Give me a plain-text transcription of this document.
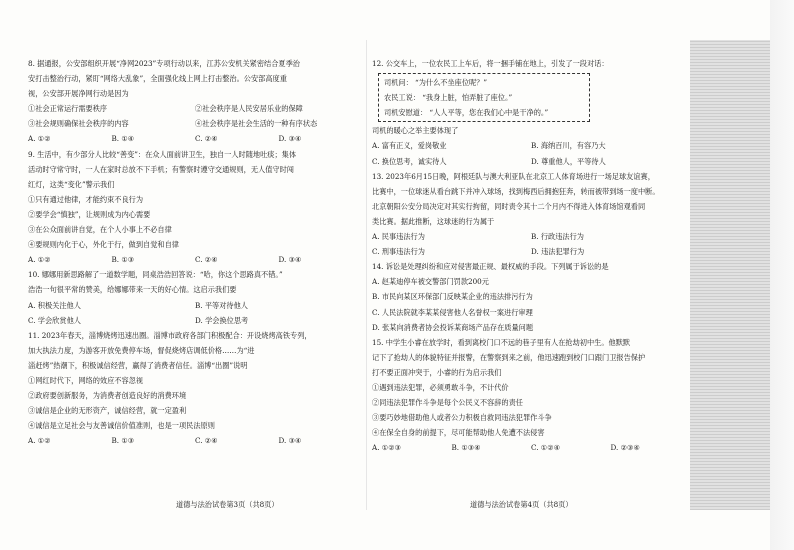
8. 据通报，公安部组织开展“净网2023”专项行动以来，江苏公安机关紧密结合夏季治
安打击整治行动，紧盯“网络大乱象”，全面强化线上网上打击整治。公安部高度重
视，公安部开展净网行动是因为
①社会正常运行需要秩序	②社会秩序是人民安居乐业的保障
③社会规则确保社会秩序的内容	④社会秩序是社会生活的一种有序状态
A. ①②	B. ①④	C. ②④	D. ③④
9. 生活中，有少部分人比较“善变”：在众人面前讲卫生，独自一人时随地吐痰；集体
活动时守常守时，一人在家时总放不下手机；有警察时遵守交通规则，无人值守时闯
红灯，这类“变化”警示我们
①只有通过他律，才能约束不良行为
②要学会“慎独”，让规则成为内心需要
③在公众面前讲自觉，在个人小事上不必自律
④要规则内化于心，外化于行，做到自觉和自律
A. ①②	B. ①③	C. ②④	D. ③④
10. 娜娜用新思路解了一道数学题，同桌浩浩回答说：“哈，你这个思路真不错。”
浩浩一句很平常的赞美，给娜娜带来一天的好心情。这启示我们要
A. 积极关注他人	B. 平等对待他人
C. 学会欣赏他人	D. 学会换位思考
11. 2023年春天，淄博烧烤迅速出圈。淄博市政府各部门积极配合：开设烧烤高铁专列，
加大执法力度，为游客开放免费停车场，督促烧烤店调低价格……为“进
淄赶烤”热潮下，积极诚信经营，赢得了消费者信任。淄博“出圈”说明
①网红时代下，网络的效应不容忽视
②政府要创新服务，为消费者创造良好的消费环境
③诚信是企业的无形资产，诚信经营，就一定盈利
④诚信是立足社会与友善诚信价值准则，也是一项民法原则
A. ①②	B. ①③	C. ②④	D. ③④
道德与法治试卷第3页（共8页）
12. 公交车上，一位农民工上车后，将一捆手铺在地上，引发了一段对话：
司机问： “为什么不坐座位呢？”
农民工说： “我身上脏，怕弄脏了座位。”
司机安慰道： “人人平等，您在我们心中是干净的。”
司机的暖心之举主要体现了
A. 富有正义，爱岗敬业	B. 海纳百川，有容乃大
C. 换位思考，诚实待人	D. 尊重他人，平等待人
13. 2023年6月15日晚，阿根廷队与澳大利亚队在北京工人体育场进行一场足球友谊赛，
比赛中，一位球迷从看台跳下并冲入球场，找到梅西后拥抱狂奔，转而被带到场一度中断。
北京朝阳公安分局决定对其实行拘留，同时责令其十二个月内不得进入体育场馆观看同
类比赛。据此推断，这球迷的行为属于
A. 民事违法行为	B. 行政违法行为
C. 刑事违法行为	D. 违法犯罪行为
14. 诉讼是处理纠纷和应对侵害最正规、最权威的手段。下列属于诉讼的是
A. 赵某迪停车被交警部门罚款200元
B. 市民向某区环保部门反映某企业的违法排污行为
C. 人民法院就李某某侵害他人名誉权一案进行审理
D. 张某向消费者协会投诉某商场产品存在质量问题
15. 中学生小睿在放学时，看到离校门口不远的巷子里有人在抢劫初中生。他默默
记下了抢劫人的体貌特征并报警，在警察到来之前，他迅速跑到校门口跟门卫报告保护
打不要正面冲突于，小睿的行为启示我们
①遇到违法犯罪，必须勇敢斗争，不计代价
②同违法犯罪作斗争是每个公民义不容辞的责任
③要巧妙地借助他人或者公力积极自救同违法犯罪作斗争
④在保全自身的前提下，尽可能帮助他人免遭不法侵害
A. ①②③	B. ①③④	C. ①②④	D. ②③④
道德与法治试卷第4页（共8页）
